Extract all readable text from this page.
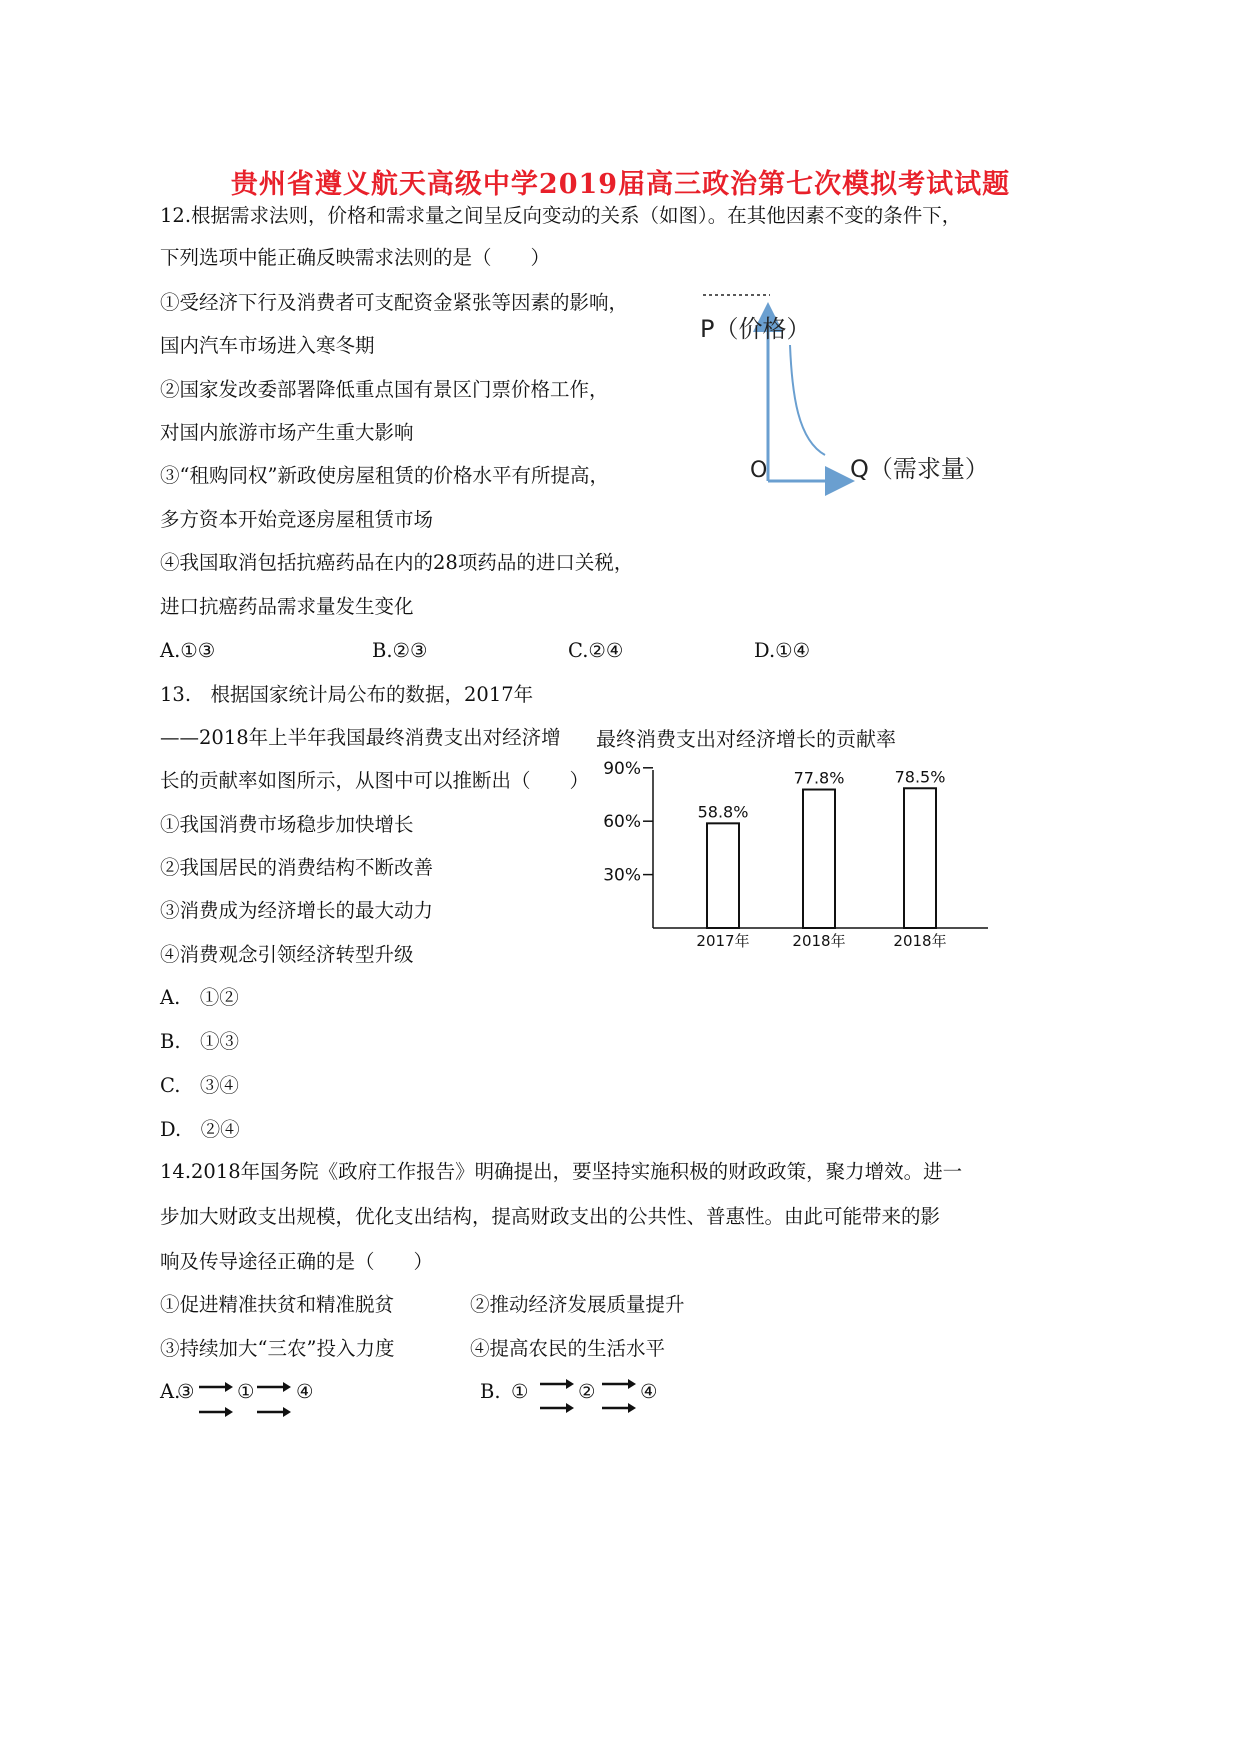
贵州省遵义航天高级中学2019届高三政治第七次模拟考试试题
12.根据需求法则，价格和需求量之间呈反向变动的关系（如图）。在其他因素不变的条件下，
下列选项中能正确反映需求法则的是（　　）
①受经济下行及消费者可支配资金紧张等因素的影响，
国内汽车市场进入寒冬期
②国家发改委部署降低重点国有景区门票价格工作，
对国内旅游市场产生重大影响
③“租购同权”新政使房屋租赁的价格水平有所提高，
多方资本开始竞逐房屋租赁市场
④我国取消包括抗癌药品在内的28项药品的进口关税，
进口抗癌药品需求量发生变化
A.①③	B.②③	C.②④	D.①④
P（价格）
Q（需求量）
O
13.　根据国家统计局公布的数据，2017年
——2018年上半年我国最终消费支出对经济增
长的贡献率如图所示，从图中可以推断出（　　）
①我国消费市场稳步加快增长
②我国居民的消费结构不断改善
③消费成为经济增长的最大动力
④消费观念引领经济转型升级
A.　①②
B.　①③
C.　③④
D.　②④
最终消费支出对经济增长的贡献率
30%
60%
90%
58.8%
2017年
77.8%
2018年
78.5%
2018年
14.2018年国务院《政府工作报告》明确提出，要坚持实施积极的财政政策，聚力增效。进一
步加大财政支出规模，优化支出结构，提高财政支出的公共性、普惠性。由此可能带来的影
响及传导途径正确的是（　　）
①促进精准扶贫和精准脱贫	②推动经济发展质量提升
③持续加大“三农”投入力度	④提高农民的生活水平
A.
③ ① ④	B. ①	② ④
